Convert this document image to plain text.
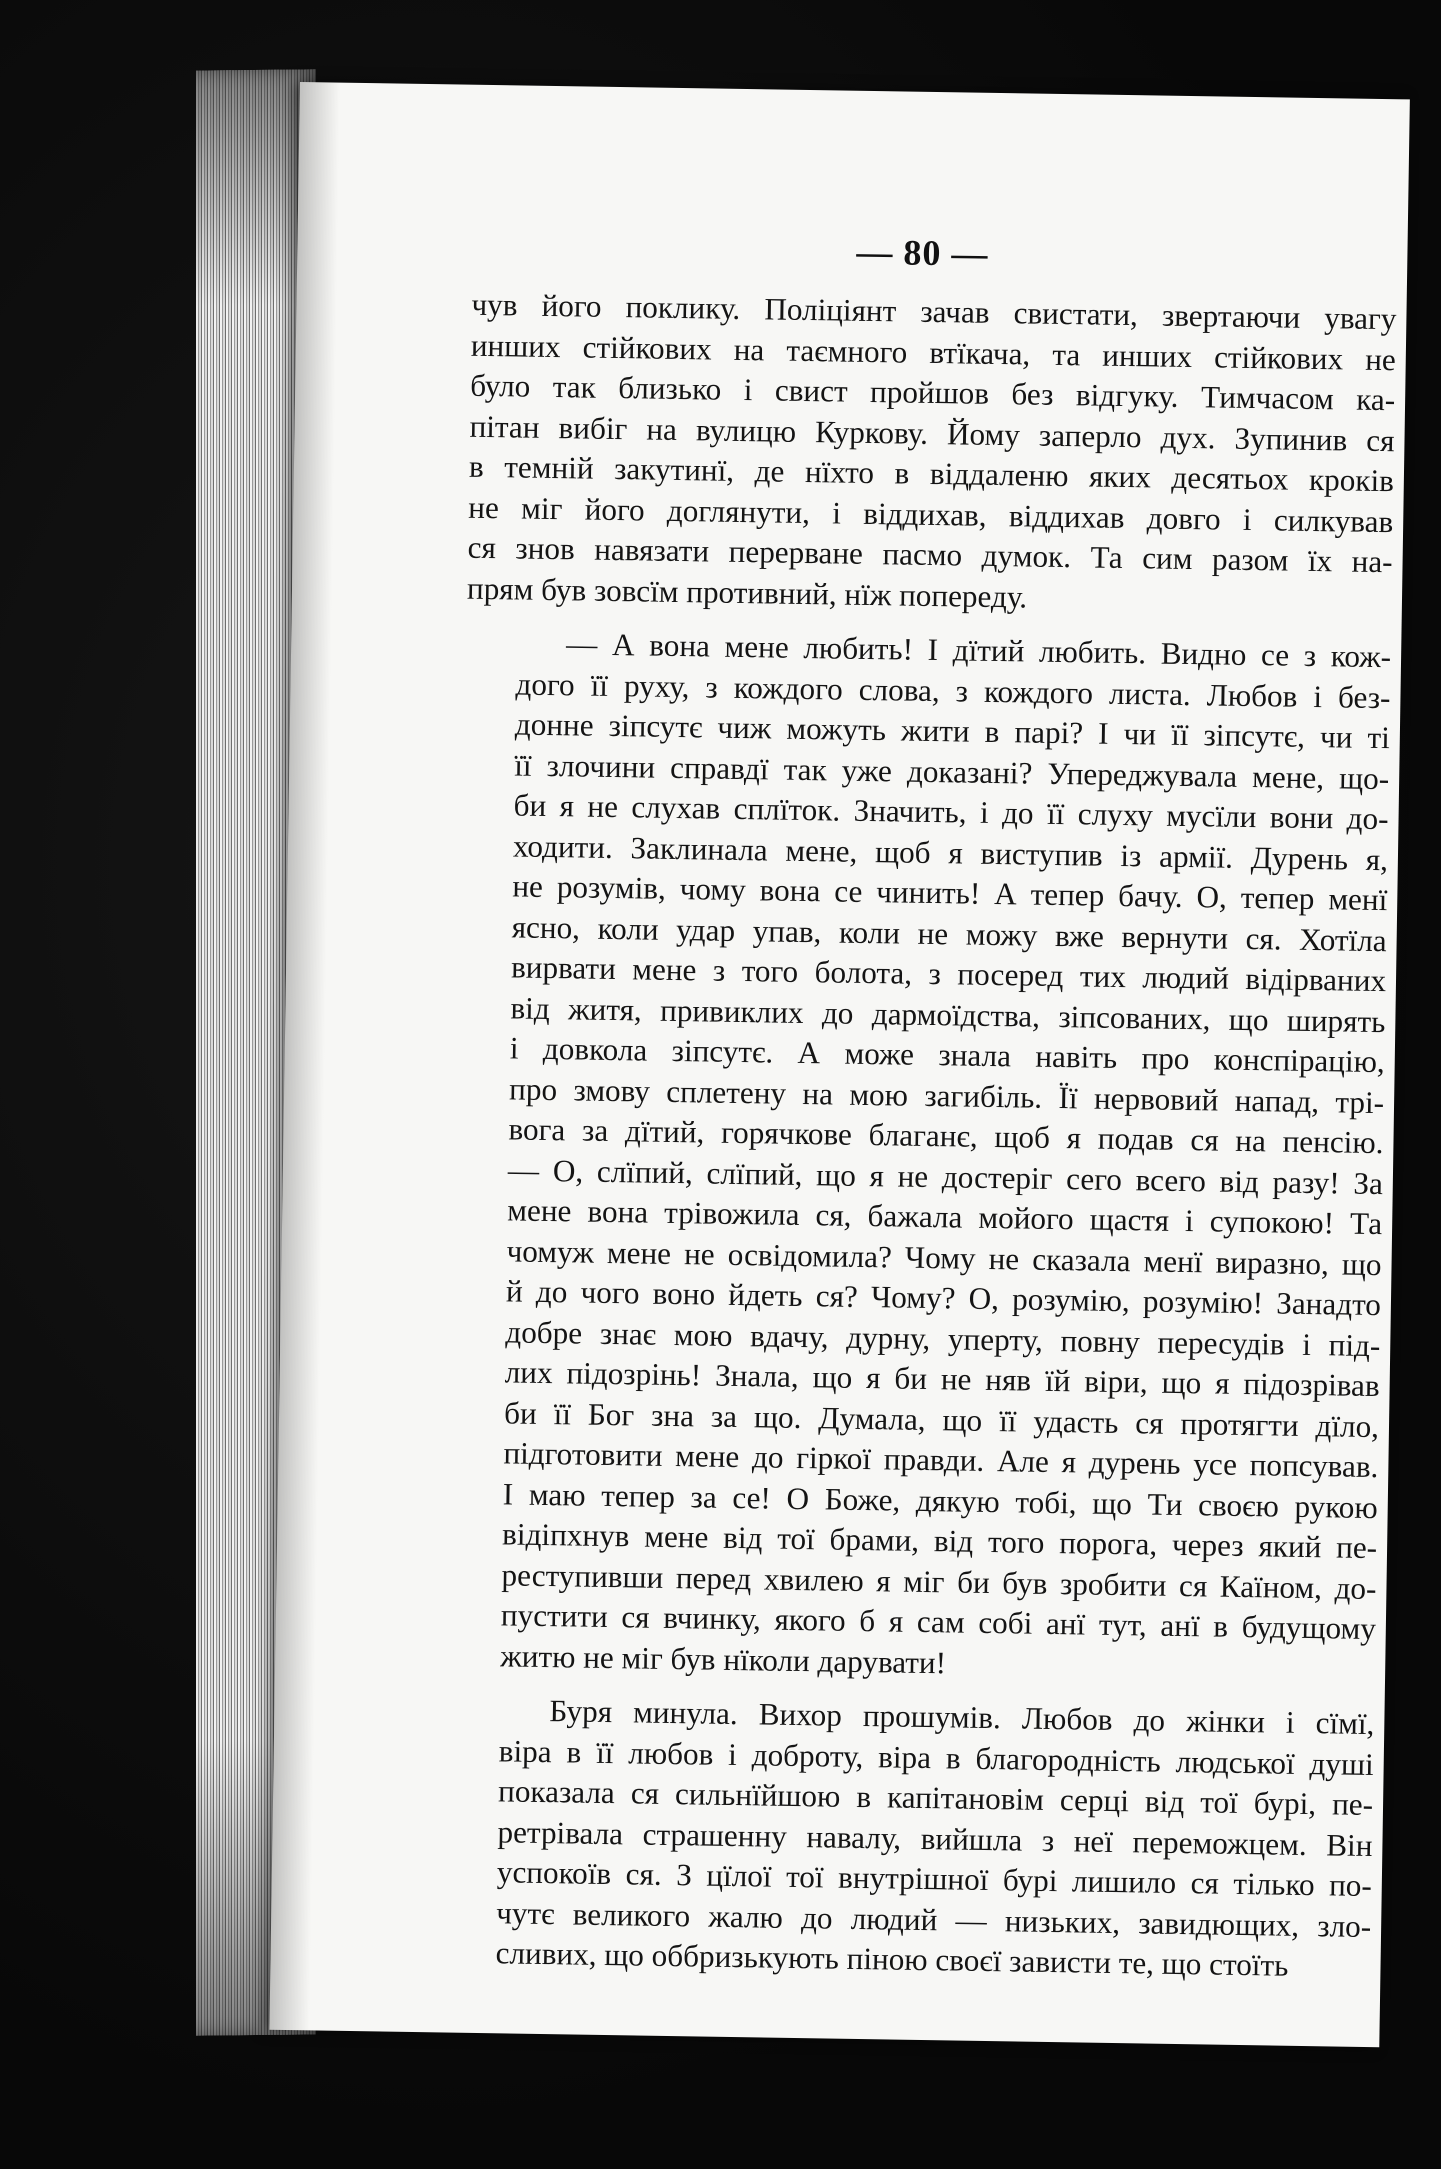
— 80 —
чув його поклику. Поліціянт зачав свистати, звертаючи увагу
инших стійкових на таємного втїкача, та инших стійкових не
було так близько і свист пройшов без відгуку. Тимчасом ка-
пітан вибіг на вулицю Куркову. Йому заперло дух. Зупинив ся
в темній закутинї, де нїхто в віддаленю яких десятьох кроків
не міг його доглянути, і віддихав, віддихав довго і силкував
ся знов навязати перерване пасмо думок. Та сим разом їх на-
прям був зовсїм противний, нїж попереду.
— А вона мене любить! І дїтий любить. Видно се з кож-
дого її руху, з кождого слова, з кождого листа. Любов і без-
донне зіпсутє чиж можуть жити в парі? І чи її зіпсутє, чи ті
її злочини справдї так уже доказані? Упереджувала мене, що-
би я не слухав сплїток. Значить, і до її слуху мусїли вони до-
ходити. Заклинала мене, щоб я виступив із армії. Дурень я,
не розумів, чому вона се чинить! А тепер бачу. О, тепер менї
ясно, коли удар упав, коли не можу вже вернути ся. Хотїла
вирвати мене з того болота, з посеред тих людий відірваних
від житя, привиклих до дармоїдства, зіпсованих, що ширять
і довкола зіпсутє. А може знала навіть про конспірацію,
про змову сплетену на мою загибіль. Її нервовий напад, трі-
вога за дїтий, горячкове благанє, щоб я подав ся на пенсію.
— О, слїпий, слїпий, що я не достеріг сего всего від разу! За
мене вона трівожила ся, бажала мойого щастя і супокою! Та
чомуж мене не освідомила? Чому не сказала менї виразно, що
й до чого воно йдеть ся? Чому? О, розумію, розумію! Занадто
добре знає мою вдачу, дурну, уперту, повну пересудів і під-
лих підозрінь! Знала, що я би не няв їй віри, що я підозрівав
би її Бог зна за що. Думала, що її удасть ся протягти дїло,
підготовити мене до гіркої правди. Але я дурень усе попсував.
І маю тепер за се! О Боже, дякую тобі, що Ти своєю рукою
відіпхнув мене від тої брами, від того порога, через який пе-
реступивши перед хвилею я міг би був зробити ся Каїном, до-
пустити ся вчинку, якого б я сам собі анї тут, анї в будущому
житю не міг був нїколи дарувати!
Буря минула. Вихор прошумів. Любов до жінки і сїмї,
віра в її любов і доброту, віра в благородність людської душі
показала ся сильнїйшою в капітановім серці від тої бурі, пе-
ретрівала страшенну навалу, вийшла з неї переможцем. Він
успокоїв ся. З цїлої тої внутрішної бурі лишило ся тілько по-
чутє великого жалю до людий — низьких, завидющих, зло-
сливих, що оббризькують піною своєї зависти те, що стоїть
